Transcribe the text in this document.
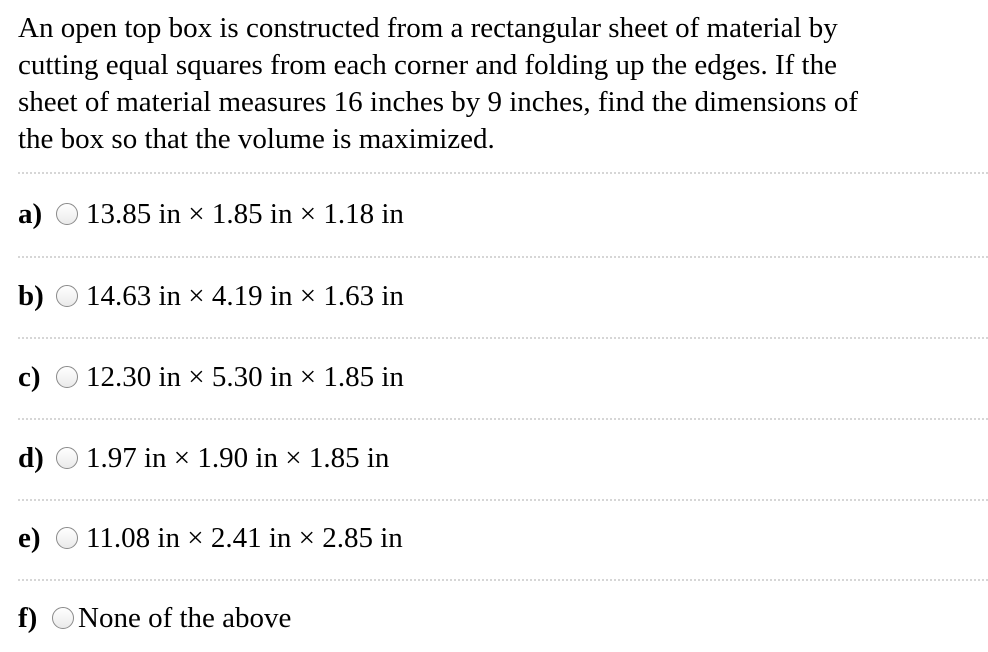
An open top box is constructed from a rectangular sheet of material by
cutting equal squares from each corner and folding up the edges. If the
sheet of material measures 16 inches by 9 inches, find the dimensions of
the box so that the volume is maximized.
a)	13.85 in × 1.85 in × 1.18 in
b)	14.63 in × 4.19 in × 1.63 in
c)	12.30 in × 5.30 in × 1.85 in
d)	1.97 in × 1.90 in × 1.85 in
e)	11.08 in × 2.41 in × 2.85 in
f)	None of the above
